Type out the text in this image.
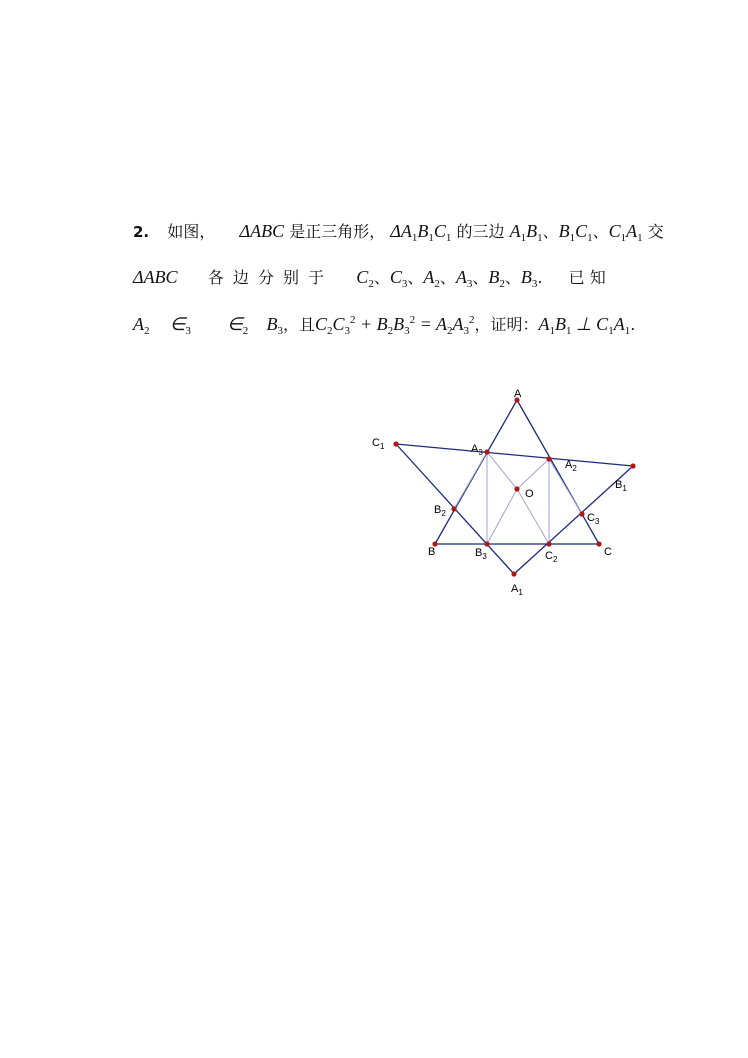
2. 如图， ΔABC 是正三角形， $\Delta A_1B_1C_1$ 的三边 $A_1B_1$、$B_1C_1$、$C_1A_1$ 交
ΔABC 各 边 分 别 于 $C_2$、$C_3$、$A_2$、$A_3$、$B_2$、$B_3$.  已 知
$A_2$ $\in_3$ $\in_2$ $B_3$，且$C_2C_3^2 + B_2B_3^2 = A_2A_3^2$，证明：$A_1B_1$ ⊥ $C_1A_1$.
A
B	C
O
$C_1$
$B_1$
$A_1$
$A_2$
$A_3$
$B_2$
$B_3$	$C_2$
$C_3$
